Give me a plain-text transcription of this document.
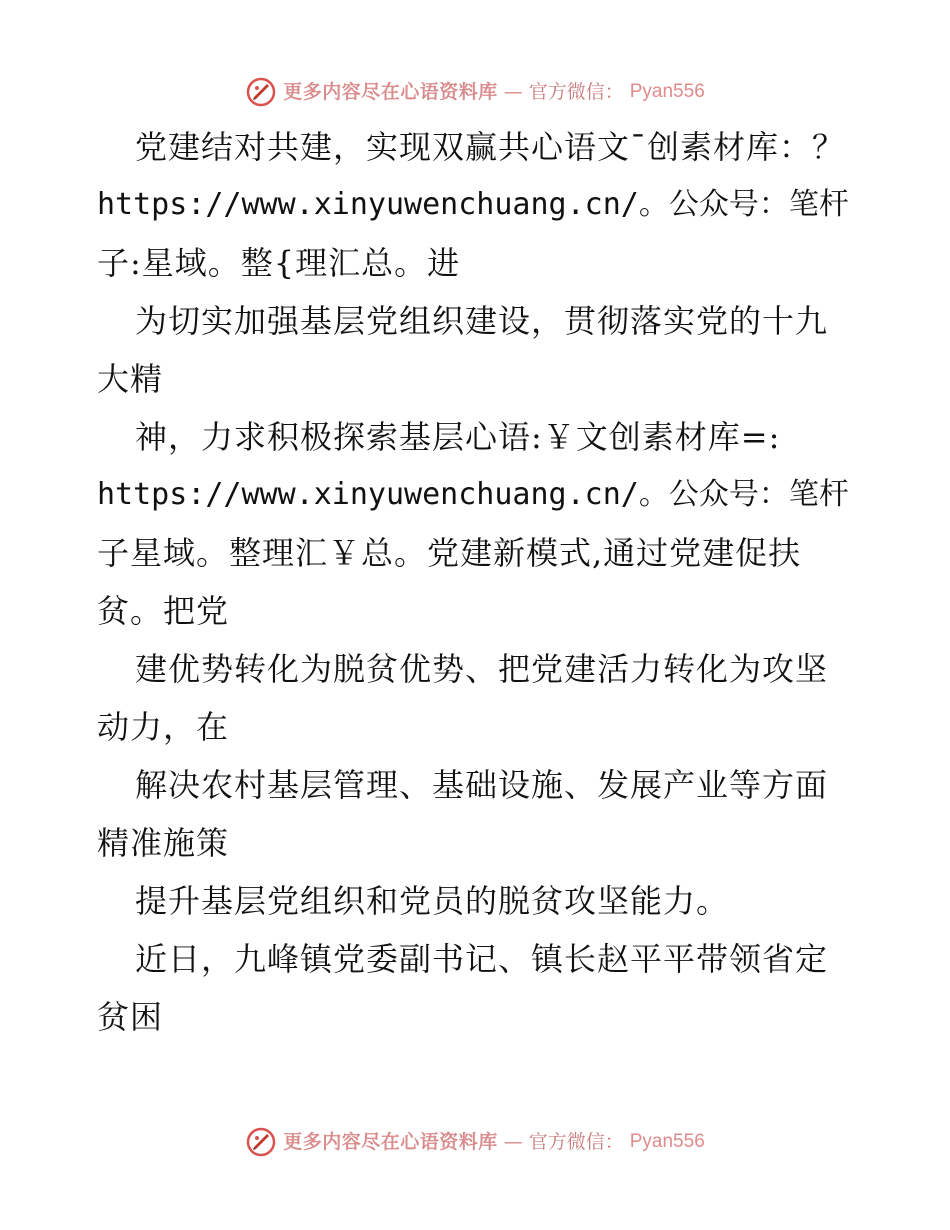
更多内容尽在心语资料库 — 官方微信： Pyan556
党建结对共建，实现双赢共心语文¯创素材库：？
https://www.xinyuwenchuang.cn/。公众号：笔杆
子:星域。整{理汇总。进
为切实加强基层党组织建设，贯彻落实党的十九
大精
神，力求积极探索基层心语:￥文创素材库=:
https://www.xinyuwenchuang.cn/。公众号：笔杆
子星域。整理汇￥总。党建新模式,通过党建促扶
贫。把党
建优势转化为脱贫优势、把党建活力转化为攻坚
动力，在
解决农村基层管理、基础设施、发展产业等方面
精准施策
提升基层党组织和党员的脱贫攻坚能力。
近日，九峰镇党委副书记、镇长赵平平带领省定
贫困
更多内容尽在心语资料库 — 官方微信： Pyan556
